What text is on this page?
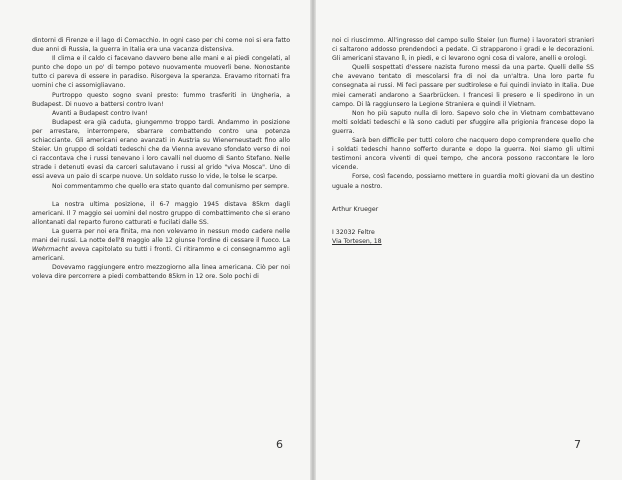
dintorni di Firenze e il lago di Comacchio. In ogni caso per chi come noi si era fatto due anni di Russia, la guerra in Italia era una vacanza distensiva.

Il clima e il caldo ci facevano davvero bene alle mani e ai piedi congelati, al punto che dopo un po' di tempo potevo nuovamente muoverli bene. Nonostante tutto ci pareva di essere in paradiso. Risorgeva la speranza. Eravamo ritornati fra uomini che ci assomigliavano.

Purtroppo questo sogno svanì presto: fummo trasferiti in Ungheria, a Budapest. Di nuovo a battersi contro Ivan!

Avanti a Budapest contro Ivan!

Budapest era già caduta, giungemmo troppo tardi. Andammo in posizione per arrestare, interrompere, sbarrare combattendo contro una potenza schiacciante. Gli americani erano avanzati in Austria su Wienerneustadt fino allo Steier. Un gruppo di soldati tedeschi che da Vienna avevano sfondato verso di noi ci raccontava che i russi tenevano i loro cavalli nel duomo di Santo Stefano. Nelle strade i detenuti evasi da carceri salutavano i russi al grido "viva Mosca". Uno di essi aveva un paio di scarpe nuove. Un soldato russo lo vide, le tolse le scarpe.

Noi commentammo che quello era stato quanto dal comunismo per sempre.

La nostra ultima posizione, il 6-7 maggio 1945 distava 85km dagli americani. Il 7 maggio sei uomini del nostro gruppo di combattimento che si erano allontanati dal reparto furono catturati e fucilati dalle SS.

La guerra per noi era finita, ma non volevamo in nessun modo cadere nelle mani dei russi. La notte dell'8 maggio alle 12 giunse l'ordine di cessare il fuoco. La Wehrmacht aveva capitolato su tutti i fronti. Ci ritirammo e ci consegnammo agli americani.

Dovevamo raggiungere entro mezzogiorno alla linea americana. Ciò per noi voleva dire percorrere a piedi combattendo 85km in 12 ore. Solo pochi di

6

noi ci riuscimmo. All'ingresso del campo sullo Steier (un fiume) i lavoratori stranieri ci saltarono addosso prendendoci a pedate. Ci strapparono i gradi e le decorazioni. Gli americani stavano lì, in piedi, e ci levarono ogni cosa di valore, anelli e orologi.

Quelli sospettati d'essere nazista furono messi da una parte. Quelli delle SS che avevano tentato di mescolarsi fra di noi da un'altra. Una loro parte fu consegnata ai russi. Mi feci passare per sudtirolese e fui quindi inviato in Italia. Due miei camerati andarono a Saarbrücken. I francesi li presero e li spedirono in un campo. Di là raggiunsero la Legione Straniera e quindi il Vietnam.

Non ho più saputo nulla di loro. Sapevo solo che in Vietnam combattevano molti soldati tedeschi e là sono caduti per sfuggire alla prigionia francese dopo la guerra.

Sarà ben difficile per tutti coloro che nacquero dopo comprendere quello che i soldati tedeschi hanno sofferto durante e dopo la guerra. Noi siamo gli ultimi testimoni ancora viventi di quei tempo, che ancora possono raccontare le loro vicende.

Forse, così facendo, possiamo mettere in guardia molti giovani da un destino uguale a nostro.

Arthur Krueger

I 32032 Feltre

Via Tortesen, 18

7
